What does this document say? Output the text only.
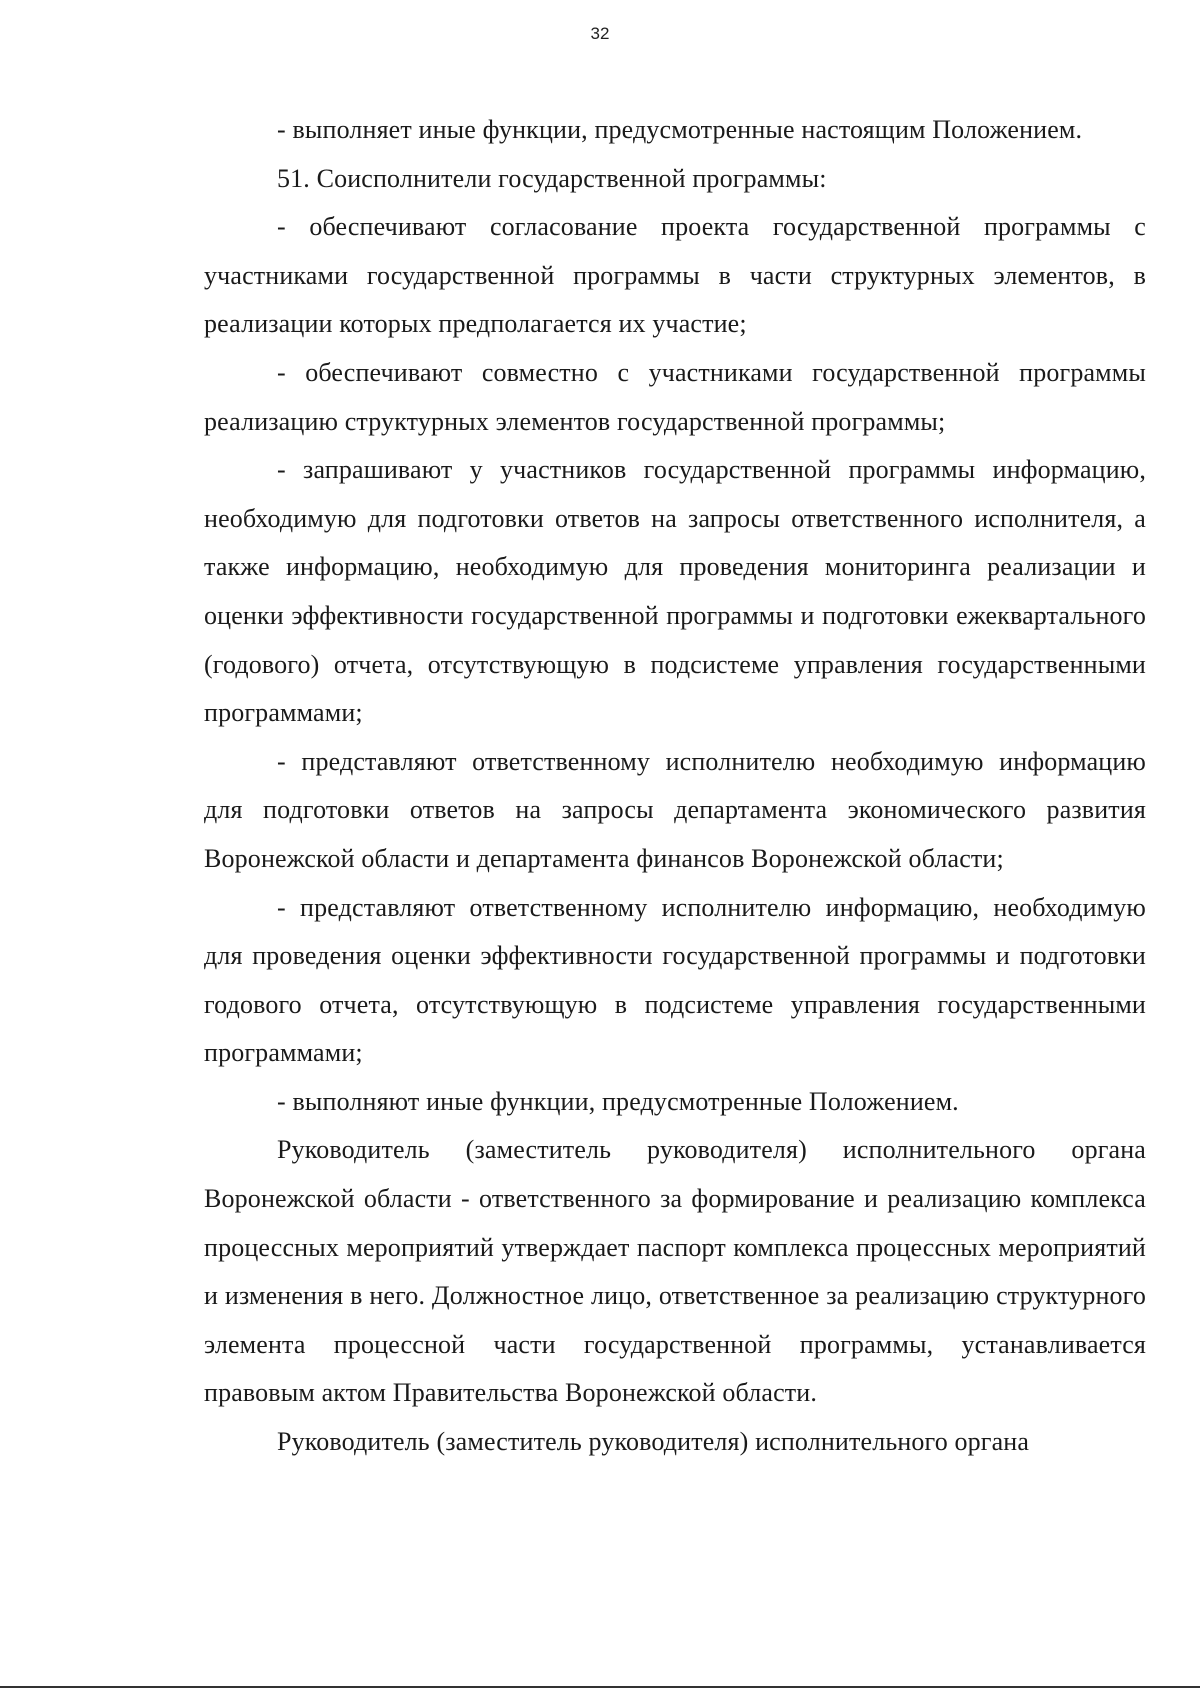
32

- выполняет иные функции, предусмотренные настоящим Положением.

51. Соисполнители государственной программы:

- обеспечивают согласование проекта государственной программы с участниками государственной программы в части структурных элементов, в реализации которых предполагается их участие;

- обеспечивают совместно с участниками государственной программы реализацию структурных элементов государственной программы;

- запрашивают у участников государственной программы информацию, необходимую для подготовки ответов на запросы ответственного исполнителя, а также информацию, необходимую для проведения мониторинга реализации и оценки эффективности государственной программы и подготовки ежеквартального (годового) отчета, отсутствующую в подсистеме управления государственными программами;

- представляют ответственному исполнителю необходимую информацию для подготовки ответов на запросы департамента экономического развития Воронежской области и департамента финансов Воронежской области;

- представляют ответственному исполнителю информацию, необходимую для проведения оценки эффективности государственной программы и подготовки годового отчета, отсутствующую в подсистеме управления государственными программами;

- выполняют иные функции, предусмотренные Положением.

Руководитель (заместитель руководителя) исполнительного органа Воронежской области - ответственного за формирование и реализацию комплекса процессных мероприятий утверждает паспорт комплекса процессных мероприятий и изменения в него. Должностное лицо, ответственное за реализацию структурного элемента процессной части государственной программы, устанавливается правовым актом Правительства Воронежской области.

Руководитель (заместитель руководителя) исполнительного органа
